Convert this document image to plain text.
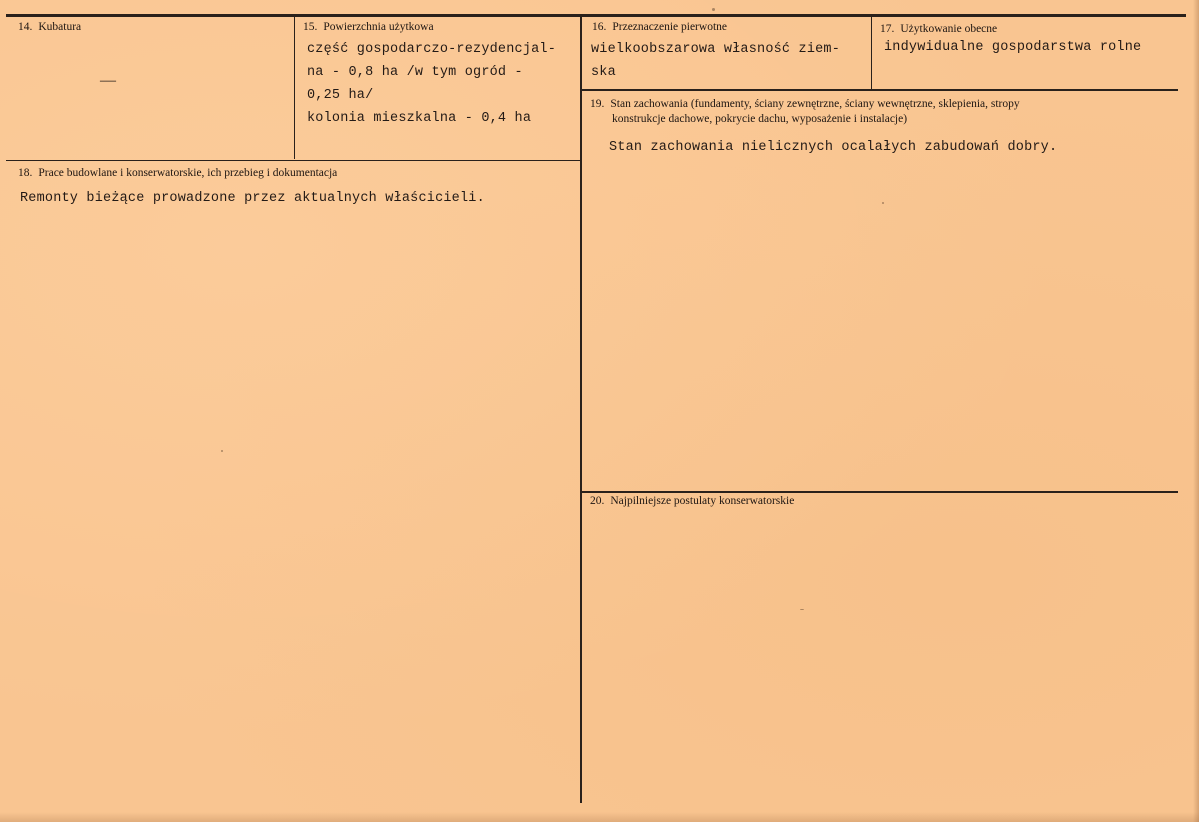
14. Kubatura
—
15. Powierzchnia użytkowa
część gospodarczo-rezydencjal-
na - 0,8 ha /w tym ogród -
0,25 ha/
kolonia mieszkalna - 0,4 ha
16. Przeznaczenie pierwotne
wielkoobszarowa własność ziem-
ska
17. Użytkowanie obecne
indywidualne gospodarstwa rolne
18. Prace budowlane i konserwatorskie, ich przebieg i dokumentacja
Remonty bieżące prowadzone przez aktualnych właścicieli.
19. Stan zachowania (fundamenty, ściany zewnętrzne, ściany wewnętrzne, sklepienia, stropy
konstrukcje dachowe, pokrycie dachu, wyposażenie i instalacje)
Stan zachowania nielicznych ocalałych zabudowań dobry.
20. Najpilniejsze postulaty konserwatorskie
